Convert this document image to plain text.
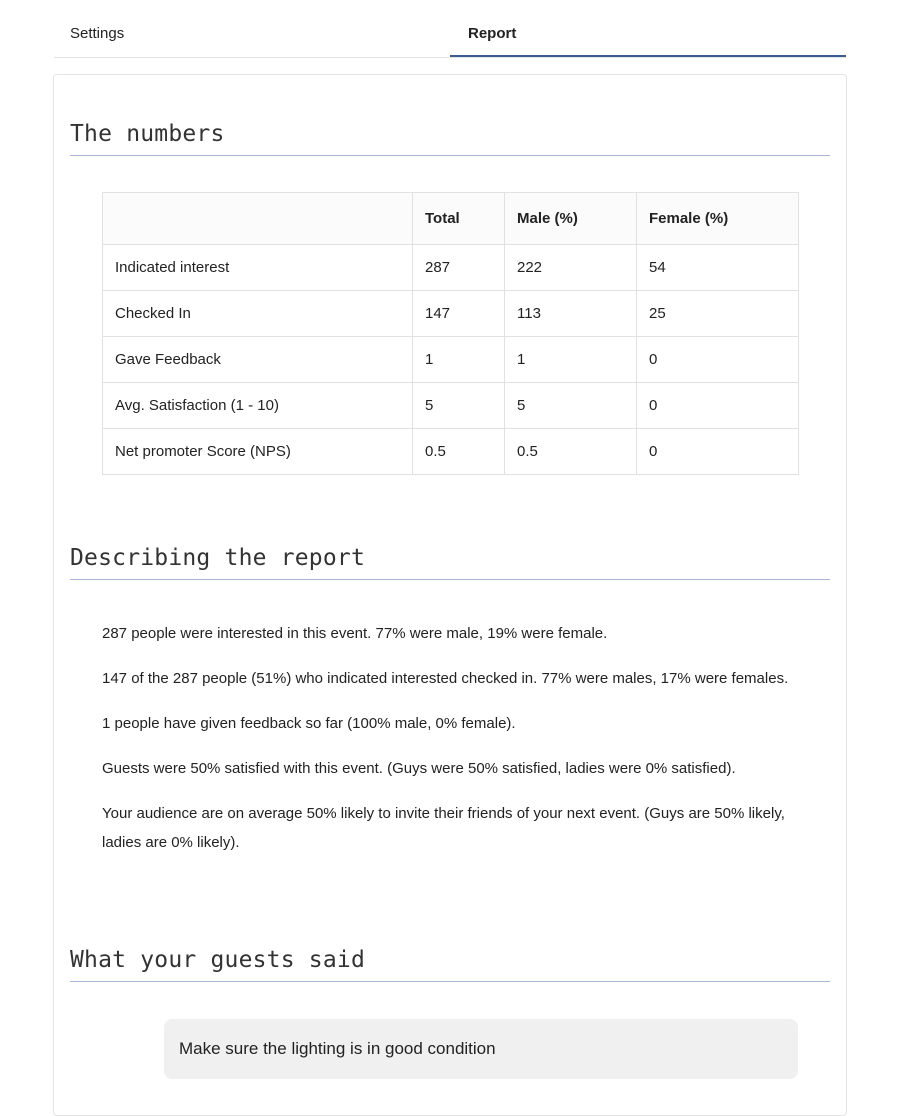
Settings	Report
The numbers
	Total	Male (%)	Female (%)
Indicated interest	287	222	54
Checked In	147	113	25
Gave Feedback	1	1	0
Avg. Satisfaction (1 - 10)	5	5	0
Net promoter Score (NPS)	0.5	0.5	0
Describing the report

287 people were interested in this event. 77% were male, 19% were female.

147 of the 287 people (51%) who indicated interested checked in. 77% were males, 17% were females.

1 people have given feedback so far (100% male, 0% female).

Guests were 50% satisfied with this event. (Guys were 50% satisfied, ladies were 0% satisfied).

Your audience are on average 50% likely to invite their friends of your next event. (Guys are 50% likely, ladies are 0% likely).

What your guests said
Make sure the lighting is in good condition
